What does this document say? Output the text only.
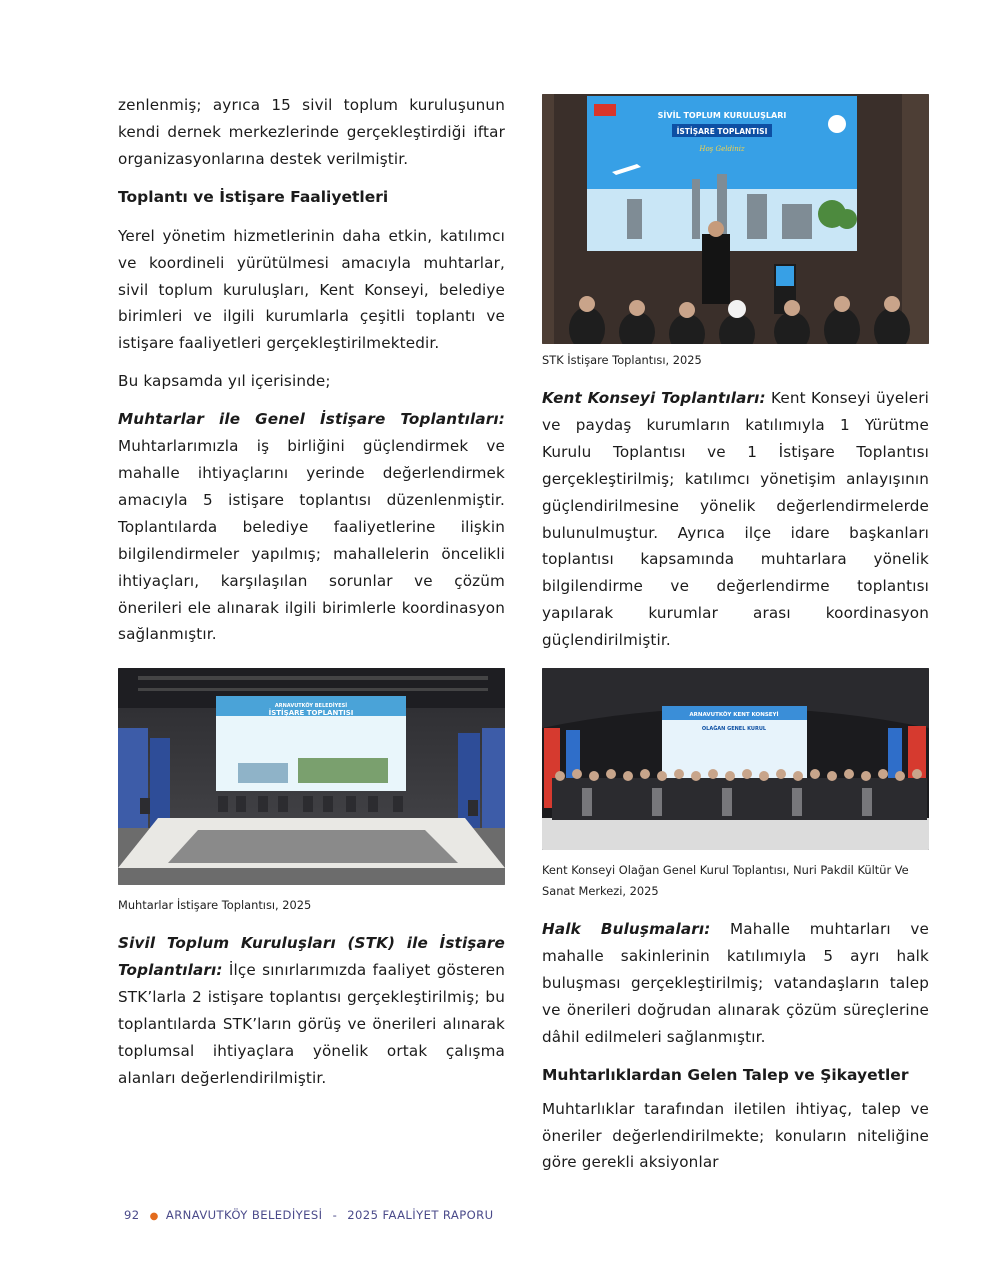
zenlenmiş; ayrıca 15 sivil toplum kuruluşunun kendi dernek merkezlerinde gerçekleştirdiği iftar organizasyonlarına destek verilmiştir.

Toplantı ve İstişare Faaliyetleri

Yerel yönetim hizmetlerinin daha etkin, katılımcı ve koordineli yürütülmesi amacıyla muhtarlar, sivil toplum kuruluşları, Kent Konseyi, belediye birimleri ve ilgili kurumlarla çeşitli toplantı ve istişare faaliyetleri gerçekleştirilmektedir.

Bu kapsamda yıl içerisinde;

Muhtarlar ile Genel İstişare Toplantıları: Muhtarlarımızla iş birliğini güçlendirmek ve mahalle ihtiyaçlarını yerinde değerlendirmek amacıyla 5 istişare toplantısı düzenlenmiştir. Toplantılarda belediye faaliyetlerine ilişkin bilgilendirmeler yapılmış; mahallelerin öncelikli ihtiyaçları, karşılaşılan sorunlar ve çözüm önerileri ele alınarak ilgili birimlerle koordinasyon sağlanmıştır.

ARNAVUTKÖY BELEDİYESİ
İSTİŞARE TOPLANTISI
Muhtarlar İstişare Toplantısı, 2025

Sivil Toplum Kuruluşları (STK) ile İstişare Toplantıları: İlçe sınırlarımızda faaliyet gösteren STK’larla 2 istişare toplantısı gerçekleştirilmiş; bu toplantılarda STK’ların görüş ve önerileri alınarak toplumsal ihtiyaçlara yönelik ortak çalışma alanları değerlendirilmiştir.

SİVİL TOPLUM KURULUŞLARI
İSTİŞARE TOPLANTISI
Hoş Geldiniz
STK İstişare Toplantısı, 2025

Kent Konseyi Toplantıları: Kent Konseyi üyeleri ve paydaş kurumların katılımıyla 1 Yürütme Kurulu Toplantısı ve 1 İstişare Toplantısı gerçekleştirilmiş; katılımcı yönetişim anlayışının güçlendirilmesine yönelik değerlendirmelerde bulunulmuştur. Ayrıca ilçe idare başkanları toplantısı kapsamında muhtarlara yönelik bilgilendirme ve değerlendirme toplantısı yapılarak kurumlar arası koordinasyon güçlendirilmiştir.

ARNAVUTKÖY KENT KONSEYİ
OLAĞAN GENEL KURUL
Kent Konseyi Olağan Genel Kurul Toplantısı, Nuri Pakdil Kültür Ve Sanat Merkezi, 2025

Halk Buluşmaları: Mahalle muhtarları ve mahalle sakinlerinin katılımıyla 5 ayrı halk buluşması gerçekleştirilmiş; vatandaşların talep ve önerileri doğrudan alınarak çözüm süreçlerine dâhil edilmeleri sağlanmıştır.

Muhtarlıklardan Gelen Talep ve Şikayetler

Muhtarlıklar tarafından iletilen ihtiyaç, talep ve öneriler değerlendirilmekte; konuların niteliğine göre gerekli aksiyonlar

92 ● ARNAVUTKÖY BELEDİYESİ - 2025 FAALİYET RAPORU
